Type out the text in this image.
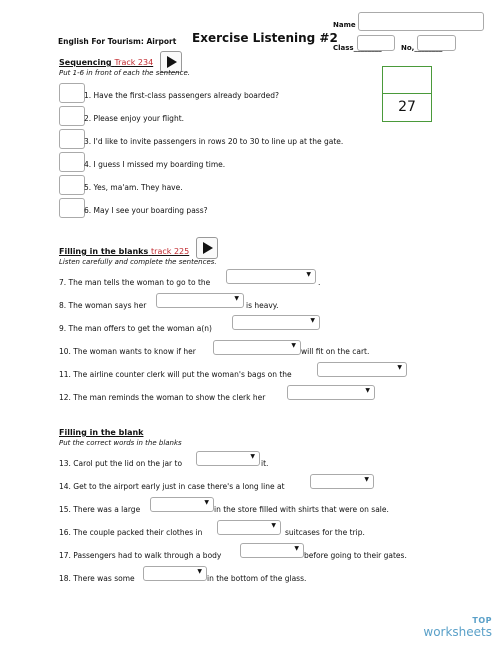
English For Tourism: Airport Exercise Listening #2
Name
Class________	No,________
27
Sequencing Track 234
Put 1-6 in front of each the sentence.
1. Have the first-class passengers already boarded?
2. Please enjoy your flight.
3. I'd like to invite passengers in rows 20 to 30 to line up at the gate.
4. I guess I missed my boarding time.
5. Yes, ma'am. They have.
6. May I see your boarding pass?
Filling in the blanks track 225
Listen carefully and complete the sentences.
7. The man tells the woman to go to the
▼
.
8. The woman says her
▼
is heavy.
9. The man offers to get the woman a(n)
▼
10. The woman wants to know if her
▼
will fit on the cart.
11. The airline counter clerk will put the woman's bags on the
▼
12. The man reminds the woman to show the clerk her
▼
Filling in the blank
Put the correct words in the blanks
13. Carol put the lid on the jar to
▼
it.
14. Get to the airport early just in case there's a long line at
▼
15. There was a large
▼
in the store filled with shirts that were on sale.
16. The couple packed their clothes in
▼
suitcases for the trip.
17. Passengers had to walk through a body
▼
before going to their gates.
18. There was some
▼
in the bottom of the glass.
TOP
worksheets
